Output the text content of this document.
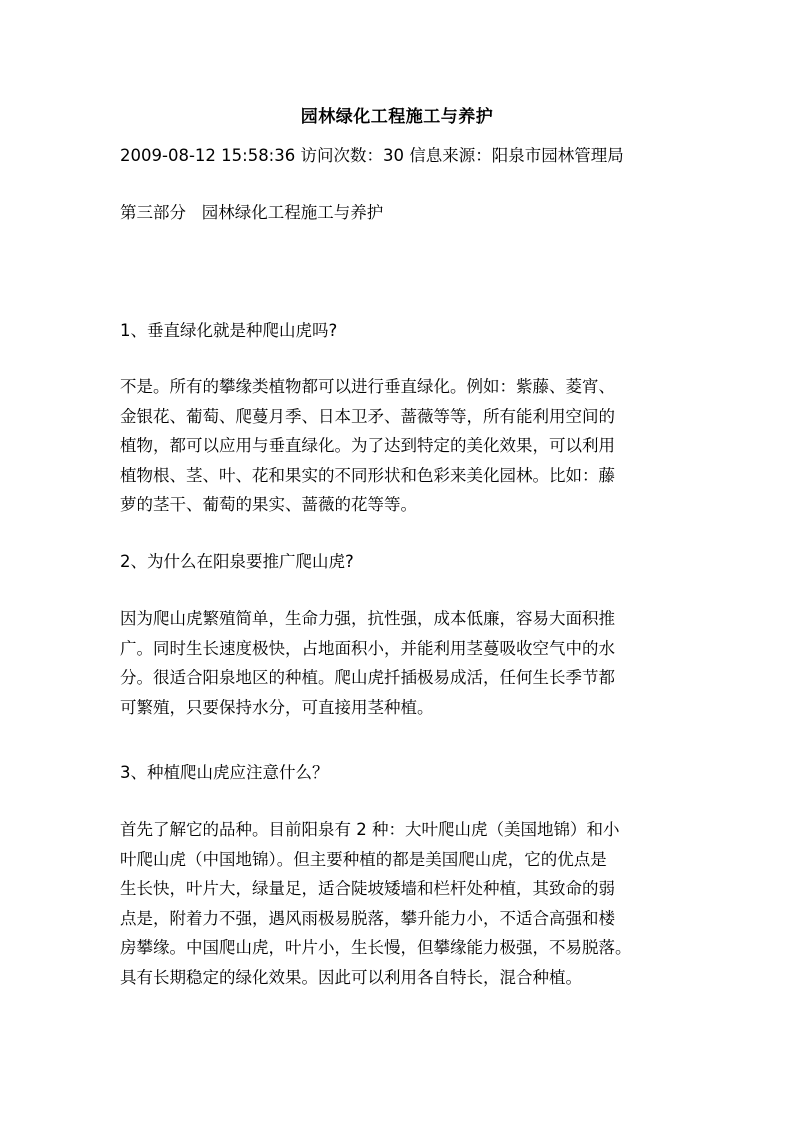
园林绿化工程施工与养护

2009-08-12 15:58:36 访问次数：30 信息来源：阳泉市园林管理局

第三部分   园林绿化工程施工与养护

1、垂直绿化就是种爬山虎吗?

不是。所有的攀缘类植物都可以进行垂直绿化。例如：紫藤、菱宵、
金银花、葡萄、爬蔓月季、日本卫矛、蔷薇等等，所有能利用空间的
植物，都可以应用与垂直绿化。为了达到特定的美化效果，可以利用
植物根、茎、叶、花和果实的不同形状和色彩来美化园林。比如：藤
萝的茎干、葡萄的果实、蔷薇的花等等。

2、为什么在阳泉要推广爬山虎?

因为爬山虎繁殖简单，生命力强，抗性强，成本低廉，容易大面积推
广。同时生长速度极快，占地面积小，并能利用茎蔓吸收空气中的水
分。很适合阳泉地区的种植。爬山虎扦插极易成活，任何生长季节都
可繁殖，只要保持水分，可直接用茎种植。

3、种植爬山虎应注意什么？

首先了解它的品种。目前阳泉有 2 种：大叶爬山虎（美国地锦）和小
叶爬山虎（中国地锦）。但主要种植的都是美国爬山虎，它的优点是
生长快，叶片大，绿量足，适合陡坡矮墙和栏杆处种植，其致命的弱
点是，附着力不强，遇风雨极易脱落，攀升能力小，不适合高强和楼
房攀缘。中国爬山虎，叶片小，生长慢，但攀缘能力极强，不易脱落。
具有长期稳定的绿化效果。因此可以利用各自特长，混合种植。
